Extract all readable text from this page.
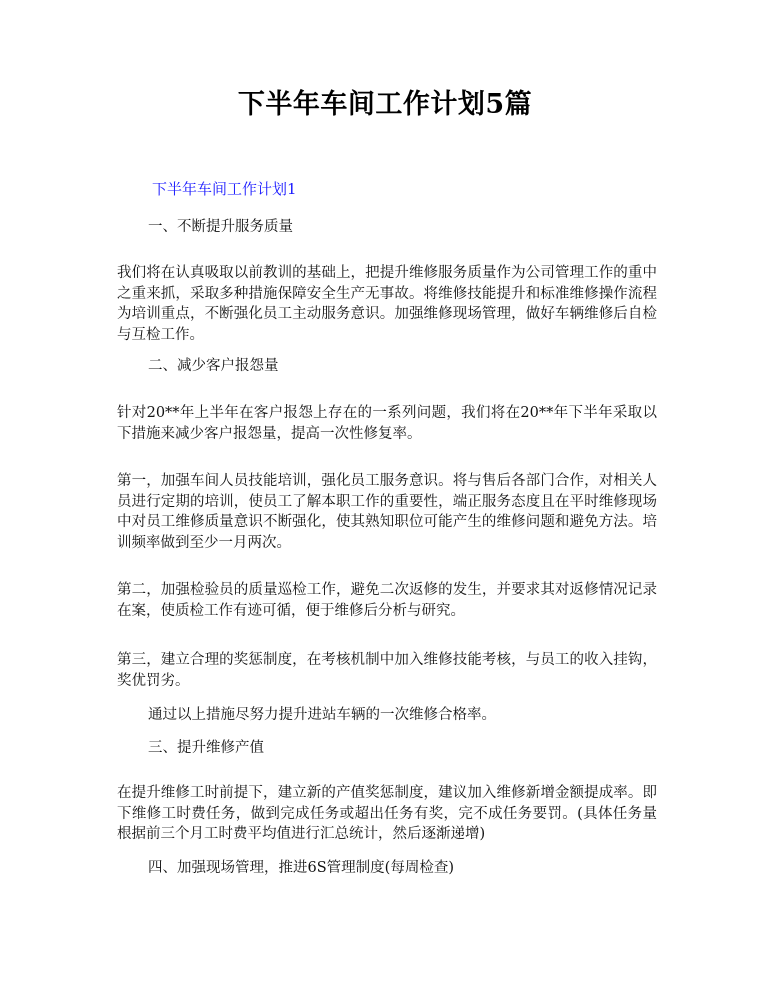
下半年车间工作计划5篇
下半年车间工作计划1
一、不断提升服务质量
我们将在认真吸取以前教训的基础上，把提升维修服务质量作为公司管理工作的重中之重来抓，采取多种措施保障安全生产无事故。将维修技能提升和标准维修操作流程为培训重点，不断强化员工主动服务意识。加强维修现场管理，做好车辆维修后自检与互检工作。
二、减少客户报怨量
针对20**年上半年在客户报怨上存在的一系列问题，我们将在20**年下半年采取以下措施来减少客户报怨量，提高一次性修复率。
第一，加强车间人员技能培训，强化员工服务意识。将与售后各部门合作，对相关人员进行定期的培训，使员工了解本职工作的重要性，端正服务态度且在平时维修现场中对员工维修质量意识不断强化，使其熟知职位可能产生的维修问题和避免方法。培训频率做到至少一月两次。
第二，加强检验员的质量巡检工作，避免二次返修的发生，并要求其对返修情况记录在案，使质检工作有迹可循，便于维修后分析与研究。
第三，建立合理的奖惩制度，在考核机制中加入维修技能考核，与员工的收入挂钩，奖优罚劣。
通过以上措施尽努力提升进站车辆的一次维修合格率。
三、提升维修产值
在提升维修工时前提下，建立新的产值奖惩制度，建议加入维修新增金额提成率。即下维修工时费任务，做到完成任务或超出任务有奖，完不成任务要罚。(具体任务量根据前三个月工时费平均值进行汇总统计，然后逐渐递增)
四、加强现场管理，推进6S管理制度(每周检查)
